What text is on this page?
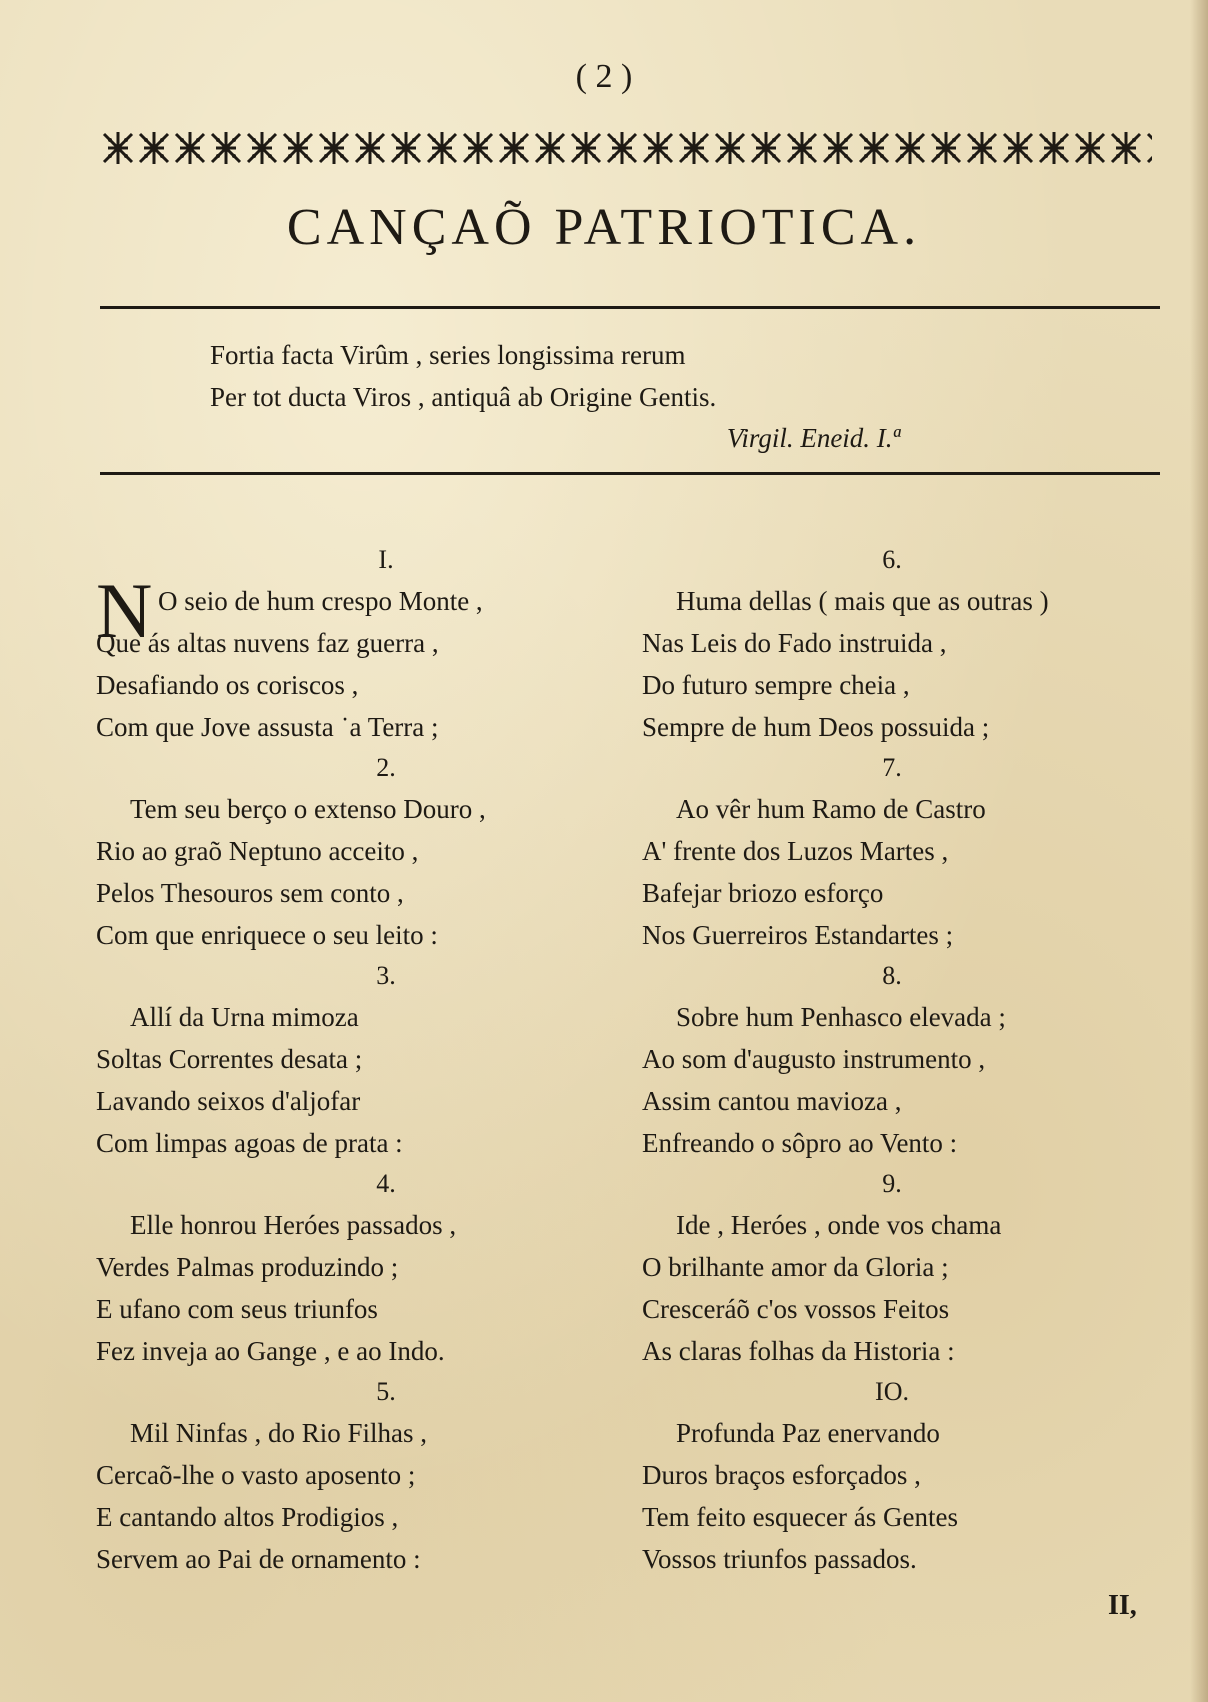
( 2 )
CANÇAÕ PATRIOTICA.
Fortia facta Virûm , series longissima rerum
Per tot ducta Viros , antiquâ ab Origine Gentis.
Virgil. Eneid. I.ª
I.
N O seio de hum crespo Monte ,
Que ás altas nuvens faz guerra ,
Desafiando os coriscos ,
Com que Jove assusta ˙a Terra ;
2.
Tem seu berço o extenso Douro ,
Rio ao graõ Neptuno acceito ,
Pelos Thesouros sem conto ,
Com que enriquece o seu leito :
3.
Allí da Urna mimoza
Soltas Correntes desata ;
Lavando seixos d'aljofar
Com limpas agoas de prata :
4.
Elle honrou Heróes passados ,
Verdes Palmas produzindo ;
E ufano com seus triunfos
Fez inveja ao Gange , e ao Indo.
5.
Mil Ninfas , do Rio Filhas ,
Cercaõ-lhe o vasto aposento ;
E cantando altos Prodigios ,
Servem ao Pai de ornamento :
6.
Huma dellas ( mais que as outras )
Nas Leis do Fado instruida ,
Do futuro sempre cheia ,
Sempre de hum Deos possuida ;
7.
Ao vêr hum Ramo de Castro
A' frente dos Luzos Martes ,
Bafejar briozo esforço
Nos Guerreiros Estandartes ;
8.
Sobre hum Penhasco elevada ;
Ao som d'augusto instrumento ,
Assim cantou mavioza ,
Enfreando o sôpro ao Vento :
9.
Ide , Heróes , onde vos chama
O brilhante amor da Gloria ;
Cresceráõ c'os vossos Feitos
As claras folhas da Historia :
IO.
Profunda Paz enervando
Duros braços esforçados ,
Tem feito esquecer ás Gentes
Vossos triunfos passados.
II,
